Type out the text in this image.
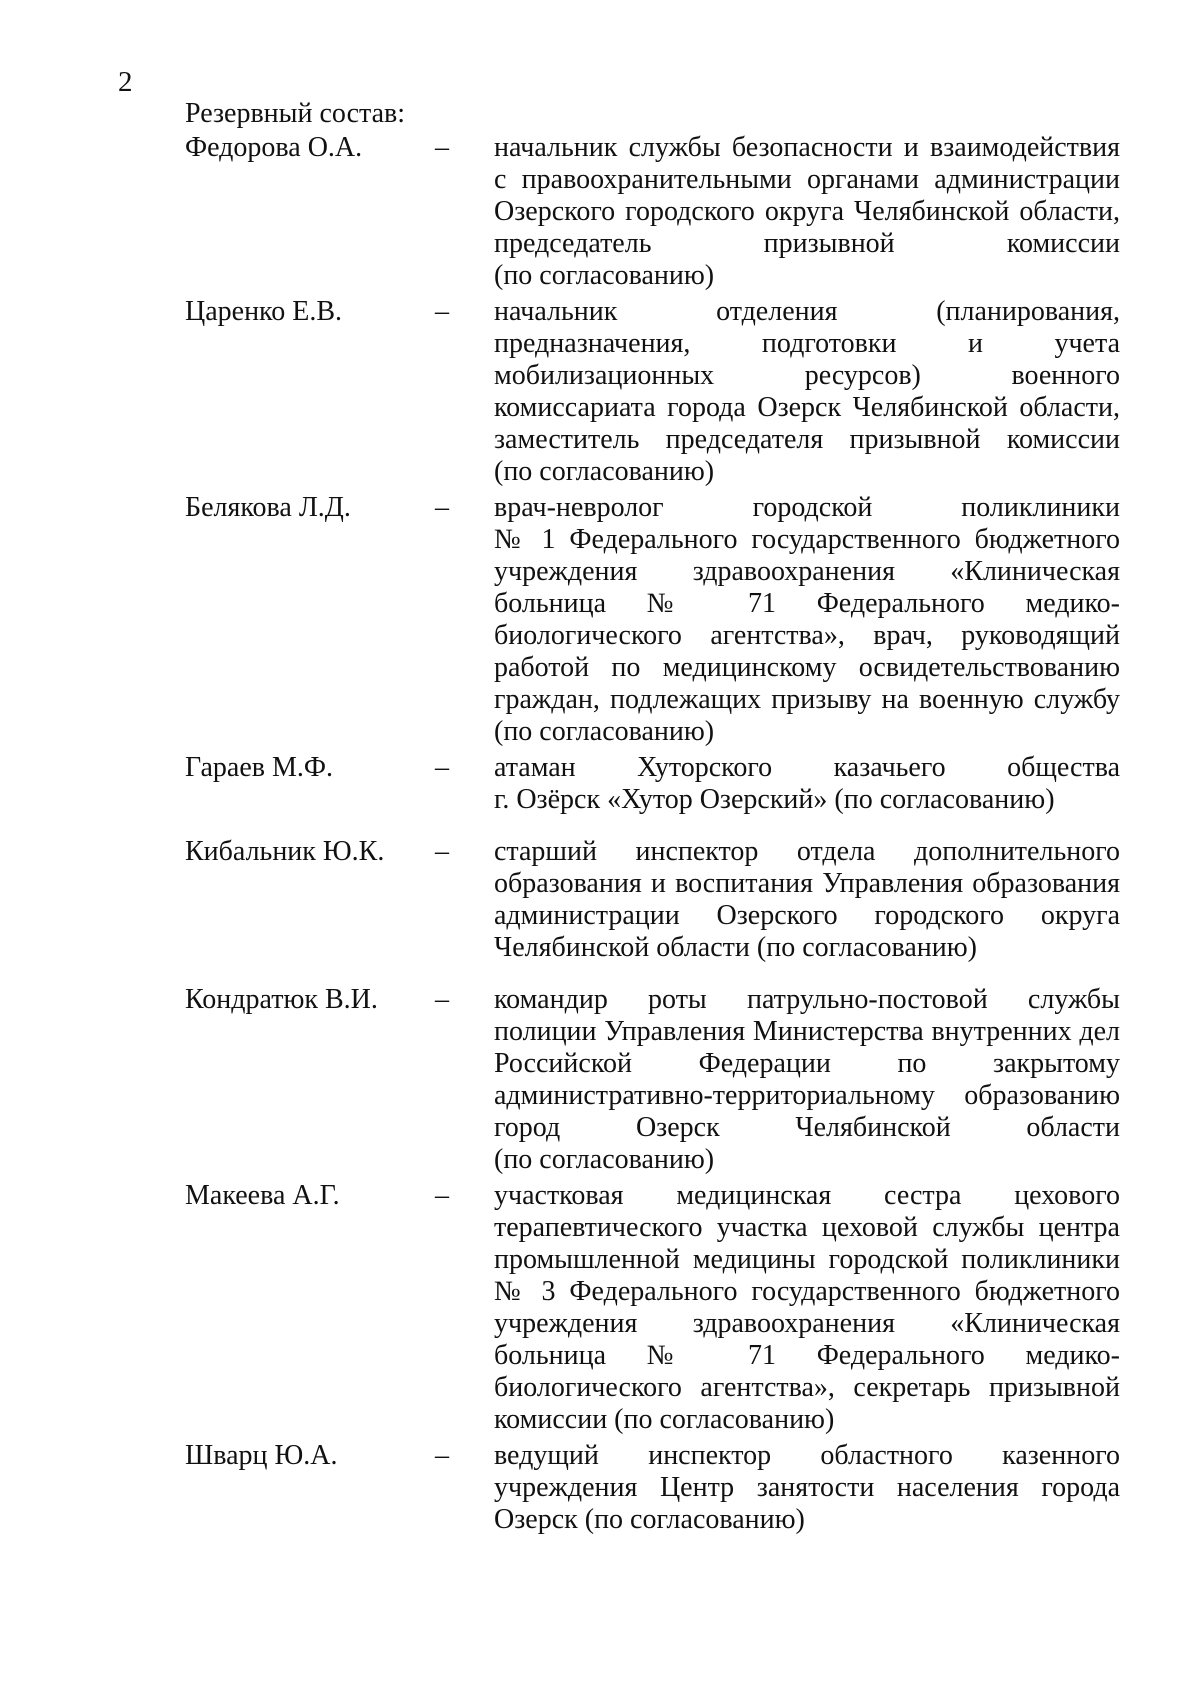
2
Резервный состав:
Федорова О.А.	–	начальник службы безопасности и взаимодействия
с правоохранительными органами администрации
Озерского городского округа Челябинской области,
председатель призывной комиссии
(по согласованию)
Царенко Е.В.	–	начальник отделения (планирования,
предназначения, подготовки и учета
мобилизационных ресурсов) военного
комиссариата города Озерск Челябинской области,
заместитель председателя призывной комиссии
(по согласованию)
Белякова Л.Д.	–	врач-невролог городской поликлиники
№ 1 Федерального государственного бюджетного
учреждения здравоохранения «Клиническая
больница № 71 Федерального медико-
биологического агентства», врач, руководящий
работой по медицинскому освидетельствованию
граждан, подлежащих призыву на военную службу
(по согласованию)
Гараев М.Ф.	–	атаман Хуторского казачьего общества
г. Озёрск «Хутор Озерский» (по согласованию)
Кибальник Ю.К.	–	старший инспектор отдела дополнительного
образования и воспитания Управления образования
администрации Озерского городского округа
Челябинской области (по согласованию)
Кондратюк В.И.	–	командир роты патрульно-постовой службы
полиции Управления Министерства внутренних дел
Российской Федерации по закрытому
административно-территориальному образованию
город Озерск Челябинской области
(по согласованию)
Макеева А.Г.	–	участковая медицинская сестра цехового
терапевтического участка цеховой службы центра
промышленной медицины городской поликлиники
№ 3 Федерального государственного бюджетного
учреждения здравоохранения «Клиническая
больница № 71 Федерального медико-
биологического агентства», секретарь призывной
комиссии (по согласованию)
Шварц Ю.А.	–	ведущий инспектор областного казенного
учреждения Центр занятости населения города
Озерск (по согласованию)
